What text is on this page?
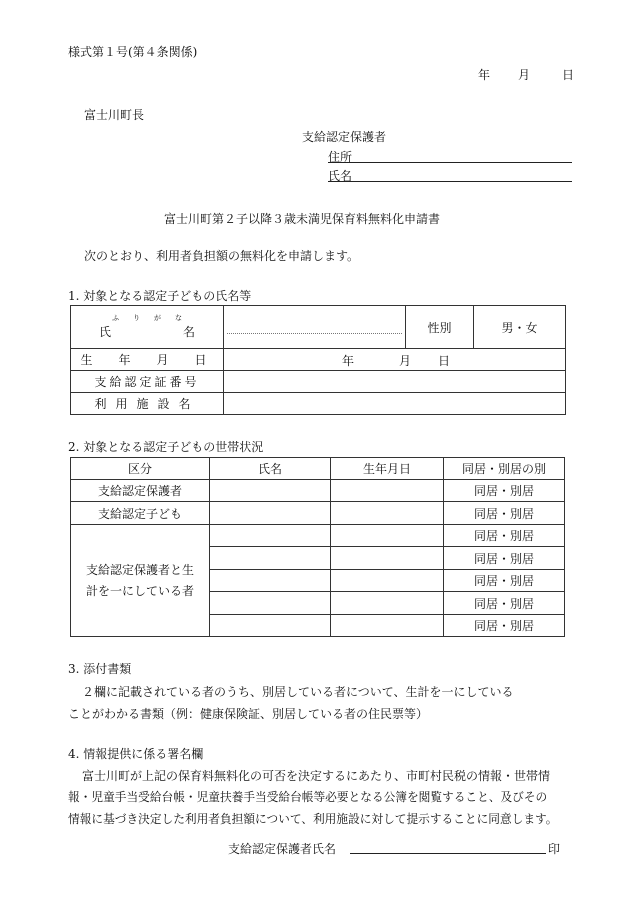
様式第１号(第４条関係)
年 月	日
富士川町長
支給認定保護者
住所
氏名
富士川町第２子以降３歳未満児保育料無料化申請書
次のとおり、利用者負担額の無料化を申請します。
1. 対象となる認定子どもの氏名等
ふ　　り　　が　　な
氏　　　　　　名		性別	男・女
生　年　月　日	年 月 日		

支給認定証番号			
利用施設名			
2. 対象となる認定子どもの世帯状況
区分	氏名	生年月日	同居・別居の別
支給認定保護者			同居・別居
支給認定子ども			同居・別居

支給認定保護者と生
計を一にしている者			同居・別居
			同居・別居
			同居・別居
			同居・別居
			同居・別居
3. 添付書類
２欄に記載されている者のうち、別居している者について、生計を一にしている
ことがわかる書類（例：健康保険証、別居している者の住民票等）
4. 情報提供に係る署名欄
富士川町が上記の保育料無料化の可否を決定するにあたり、市町村民税の情報・世帯情
報・児童手当受給台帳・児童扶養手当受給台帳等必要となる公簿を閲覧すること、及びその
情報に基づき決定した利用者負担額について、利用施設に対して提示することに同意します。
支給認定保護者氏名	印
